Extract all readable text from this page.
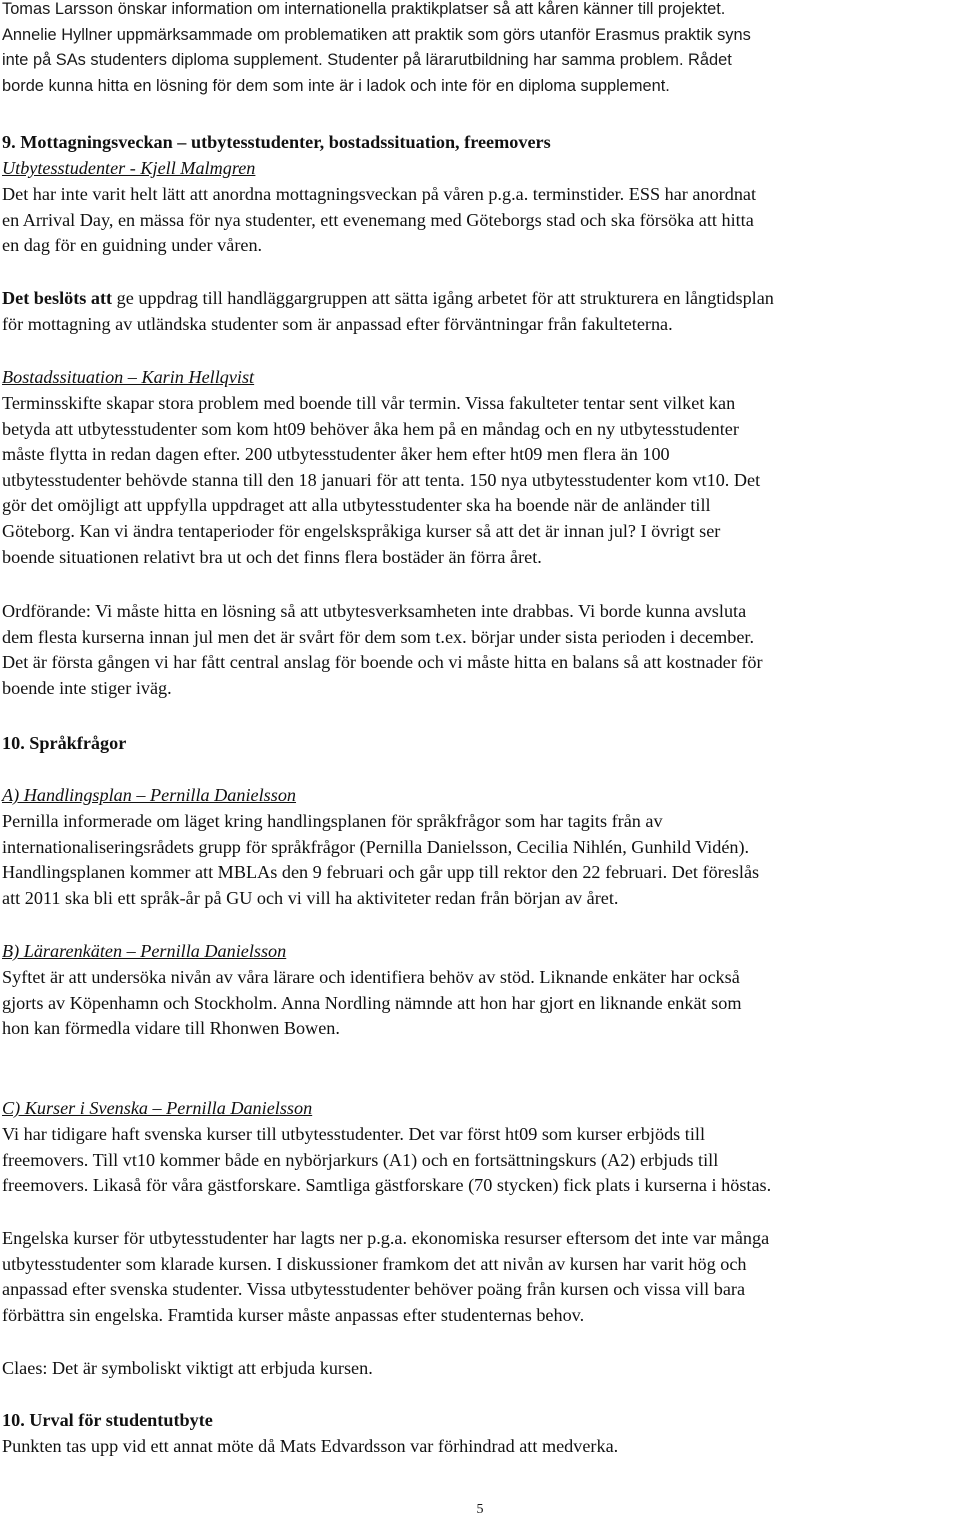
Tomas Larsson önskar information om internationella praktikplatser så att kåren känner till projektet.
Annelie Hyllner uppmärksammade om problematiken att praktik som görs utanför Erasmus praktik syns
inte på SAs studenters diploma supplement. Studenter på lärarutbildning har samma problem. Rådet
borde kunna hitta en lösning för dem som inte är i ladok och inte för en diploma supplement.
9. Mottagningsveckan – utbytesstudenter, bostadssituation, freemovers
Utbytesstudenter - Kjell Malmgren
Det har inte varit helt lätt att anordna mottagningsveckan på våren p.g.a. terminstider. ESS har anordnat
en Arrival Day, en mässa för nya studenter, ett evenemang med Göteborgs stad och ska försöka att hitta
en dag för en guidning under våren.
Det beslöts att ge uppdrag till handläggargruppen att sätta igång arbetet för att strukturera en långtidsplan
för mottagning av utländska studenter som är anpassad efter förväntningar från fakulteterna.
Bostadssituation – Karin Hellqvist
Terminsskifte skapar stora problem med boende till vår termin. Vissa fakulteter tentar sent vilket kan
betyda att utbytesstudenter som kom ht09 behöver åka hem på en måndag och en ny utbytesstudenter
måste flytta in redan dagen efter. 200 utbytesstudenter åker hem efter ht09 men flera än 100
utbytesstudenter behövde stanna till den 18 januari för att tenta. 150 nya utbytesstudenter kom vt10. Det
gör det omöjligt att uppfylla uppdraget att alla utbytesstudenter ska ha boende när de anländer till
Göteborg. Kan vi ändra tentaperioder för engelskspråkiga kurser så att det är innan jul? I övrigt ser
boende situationen relativt bra ut och det finns flera bostäder än förra året.
Ordförande: Vi måste hitta en lösning så att utbytesverksamheten inte drabbas. Vi borde kunna avsluta
dem flesta kurserna innan jul men det är svårt för dem som t.ex. börjar under sista perioden i december.
Det är första gången vi har fått central anslag för boende och vi måste hitta en balans så att kostnader för
boende inte stiger iväg.
10. Språkfrågor
A) Handlingsplan – Pernilla Danielsson
Pernilla informerade om läget kring handlingsplanen för språkfrågor som har tagits från av
internationaliseringsrådets grupp för språkfrågor (Pernilla Danielsson, Cecilia Nihlén, Gunhild Vidén).
Handlingsplanen kommer att MBLAs den 9 februari och går upp till rektor den 22 februari. Det föreslås
att 2011 ska bli ett språk-år på GU och vi vill ha aktiviteter redan från början av året.
B) Lärarenkäten – Pernilla Danielsson
Syftet är att undersöka nivån av våra lärare och identifiera behöv av stöd. Liknande enkäter har också
gjorts av Köpenhamn och Stockholm. Anna Nordling nämnde att hon har gjort en liknande enkät som
hon kan förmedla vidare till Rhonwen Bowen.
C) Kurser i Svenska – Pernilla Danielsson
Vi har tidigare haft svenska kurser till utbytesstudenter. Det var först ht09 som kurser erbjöds till
freemovers. Till vt10 kommer både en nybörjarkurs (A1) och en fortsättningskurs (A2) erbjuds till
freemovers. Likaså för våra gästforskare. Samtliga gästforskare (70 stycken) fick plats i kurserna i höstas.
Engelska kurser för utbytesstudenter har lagts ner p.g.a. ekonomiska resurser eftersom det inte var många
utbytesstudenter som klarade kursen. I diskussioner framkom det att nivån av kursen har varit hög och
anpassad efter svenska studenter. Vissa utbytesstudenter behöver poäng från kursen och vissa vill bara
förbättra sin engelska. Framtida kurser måste anpassas efter studenternas behov.
Claes: Det är symboliskt viktigt att erbjuda kursen.
10. Urval för studentutbyte
Punkten tas upp vid ett annat möte då Mats Edvardsson var förhindrad att medverka.
5
